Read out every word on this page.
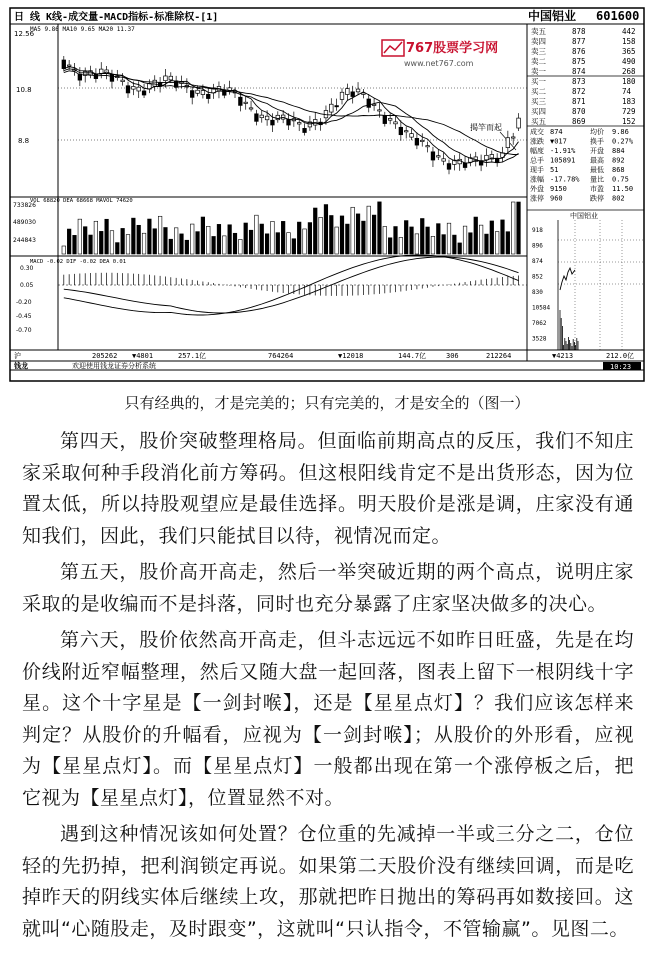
日 线 K线-成交量-MACD指标-标准除权-[1]	中国铝业 601600
MA5 9.86 MA10 9.65 MA20 11.37
12.56
10.8
8.8
767股票学习网
www.net767.com
揭竿而起
VOL 68820 DEA 68668 MAVOL 74620
733826
489030
244843
MACD -0.02 DIF -0.02 DEA 0.01
0.30
0.05
-0.20
-0.45
-0.70
沪	205262 ▼4801	257.1亿	764264	▼12018	144.7亿	306	212264	▼4213	212.0亿
钱龙	欢迎使用钱龙证券分析系统	10:23
卖五	878	442
卖四	877	158
卖三	876	365
卖二	875	490
卖一	874	268
买一	873	180
买二	872	74
买三	871	183
买四	870	729
买五	869	152
成交 874	均价 9.86
涨跌 ▼017	换手 0.27%
幅度 -1.91% 开盘 884
总手 105891 最高 892
现手 51	最低 868
涨幅 -17.78% 量比 0.75
外盘 9150	市盈 11.50
涨停 960	跌停 802
中国铝业
918
896
874
852
830
10584
7062
3528
只有经典的，才是完美的；只有完美的，才是安全的（图一）

第四天，股价突破整理格局。但面临前期高点的反压，我们不知庄家采取何种手段消化前方筹码。但这根阳线肯定不是出货形态，因为位置太低，所以持股观望应是最佳选择。明天股价是涨是调，庄家没有通知我们，因此，我们只能拭目以待，视情况而定。

第五天，股价高开高走，然后一举突破近期的两个高点，说明庄家采取的是收编而不是抖落，同时也充分暴露了庄家坚决做多的决心。

第六天，股价依然高开高走，但斗志远远不如昨日旺盛，先是在均价线附近窄幅整理，然后又随大盘一起回落，图表上留下一根阴线十字星。这个十字星是【一剑封喉】，还是【星星点灯】？我们应该怎样来判定？从股价的升幅看，应视为【一剑封喉】；从股价的外形看，应视为【星星点灯】。而【星星点灯】一般都出现在第一个涨停板之后，把它视为【星星点灯】，位置显然不对。

遇到这种情况该如何处置？仓位重的先减掉一半或三分之二，仓位轻的先扔掉，把利润锁定再说。如果第二天股价没有继续回调，而是吃掉昨天的阴线实体后继续上攻，那就把昨日抛出的筹码再如数接回。这就叫“心随股走，及时跟变”，这就叫“只认指令，不管输赢”。见图二。
